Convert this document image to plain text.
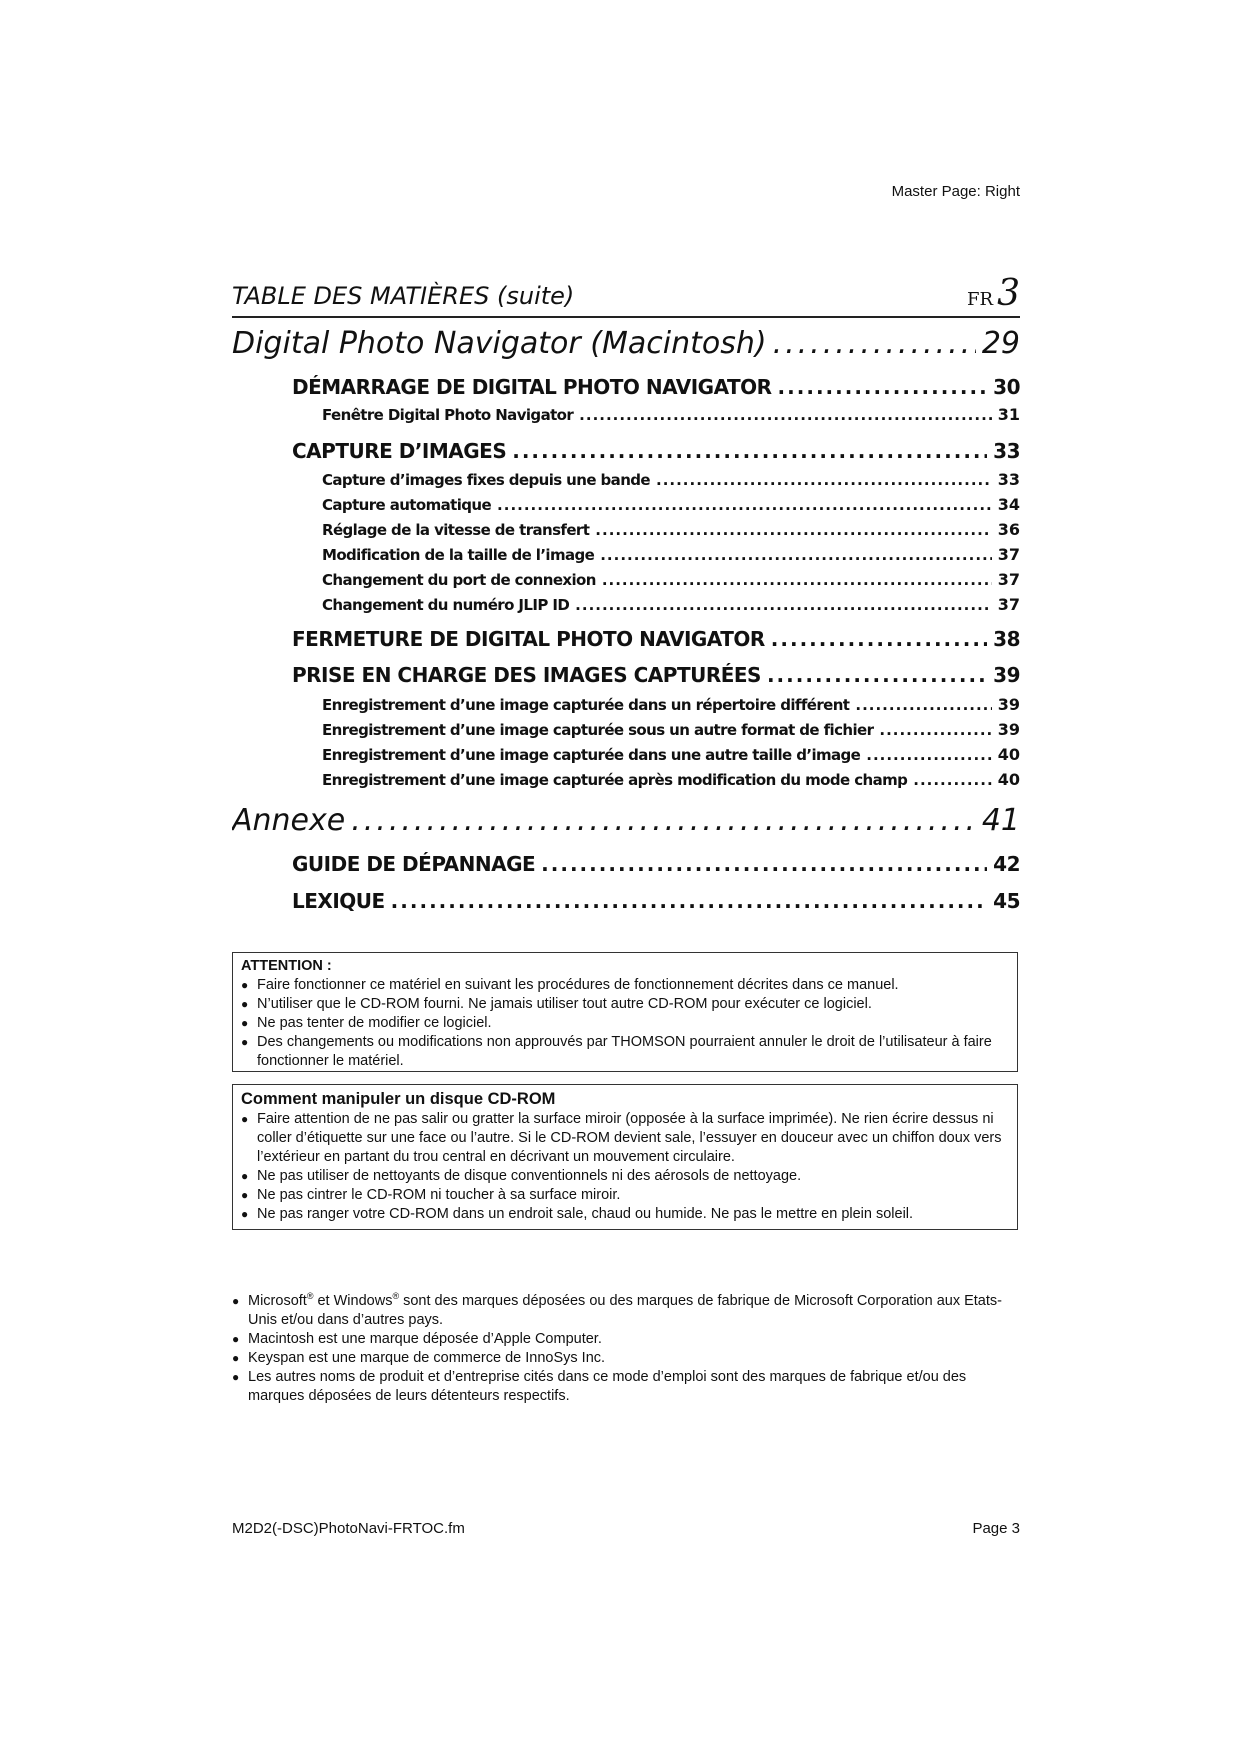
Master Page: Right
TABLE DES MATIÈRES (suite)	FR 3
Digital Photo Navigator (Macintosh) .....	29
DÉMARRAGE DE DIGITAL PHOTO NAVIGATOR .....	30
Fenêtre Digital Photo Navigator .....	31
CAPTURE D’IMAGES .....	33
Capture d’images fixes depuis une bande .....	33
Capture automatique .....	34
Réglage de la vitesse de transfert .....	36
Modification de la taille de l’image .....	37
Changement du port de connexion .....	37
Changement du numéro JLIP ID .....	37
FERMETURE DE DIGITAL PHOTO NAVIGATOR .....	38
PRISE EN CHARGE DES IMAGES CAPTURÉES .....	39
Enregistrement d’une image capturée dans un répertoire différent .....	39
Enregistrement d’une image capturée sous un autre format de fichier .....	39
Enregistrement d’une image capturée dans une autre taille d’image .....	40
Enregistrement d’une image capturée après modification du mode champ .....	40
Annexe .....	41
GUIDE DE DÉPANNAGE .....	42
LEXIQUE .....	45
ATTENTION :
● Faire fonctionner ce matériel en suivant les procédures de fonctionnement décrites dans ce manuel.
● N’utiliser que le CD-ROM fourni. Ne jamais utiliser tout autre CD-ROM pour exécuter ce logiciel.
● Ne pas tenter de modifier ce logiciel.
● Des changements ou modifications non approuvés par THOMSON pourraient annuler le droit de l’utilisateur à faire fonctionner le matériel.
Comment manipuler un disque CD-ROM
● Faire attention de ne pas salir ou gratter la surface miroir (opposée à la surface imprimée). Ne rien écrire dessus ni coller d’étiquette sur une face ou l’autre. Si le CD-ROM devient sale, l’essuyer en douceur avec un chiffon doux vers l’extérieur en partant du trou central en décrivant un mouvement circulaire.
● Ne pas utiliser de nettoyants de disque conventionnels ni des aérosols de nettoyage.
● Ne pas cintrer le CD-ROM ni toucher à sa surface miroir.
● Ne pas ranger votre CD-ROM dans un endroit sale, chaud ou humide. Ne pas le mettre en plein soleil.
● Microsoft® et Windows® sont des marques déposées ou des marques de fabrique de Microsoft Corporation aux Etats-Unis et/ou dans d’autres pays.
● Macintosh est une marque déposée d’Apple Computer.
● Keyspan est une marque de commerce de InnoSys Inc.
● Les autres noms de produit et d’entreprise cités dans ce mode d’emploi sont des marques de fabrique et/ou des marques déposées de leurs détenteurs respectifs.
M2D2(-DSC)PhotoNavi-FRTOC.fm	Page 3
